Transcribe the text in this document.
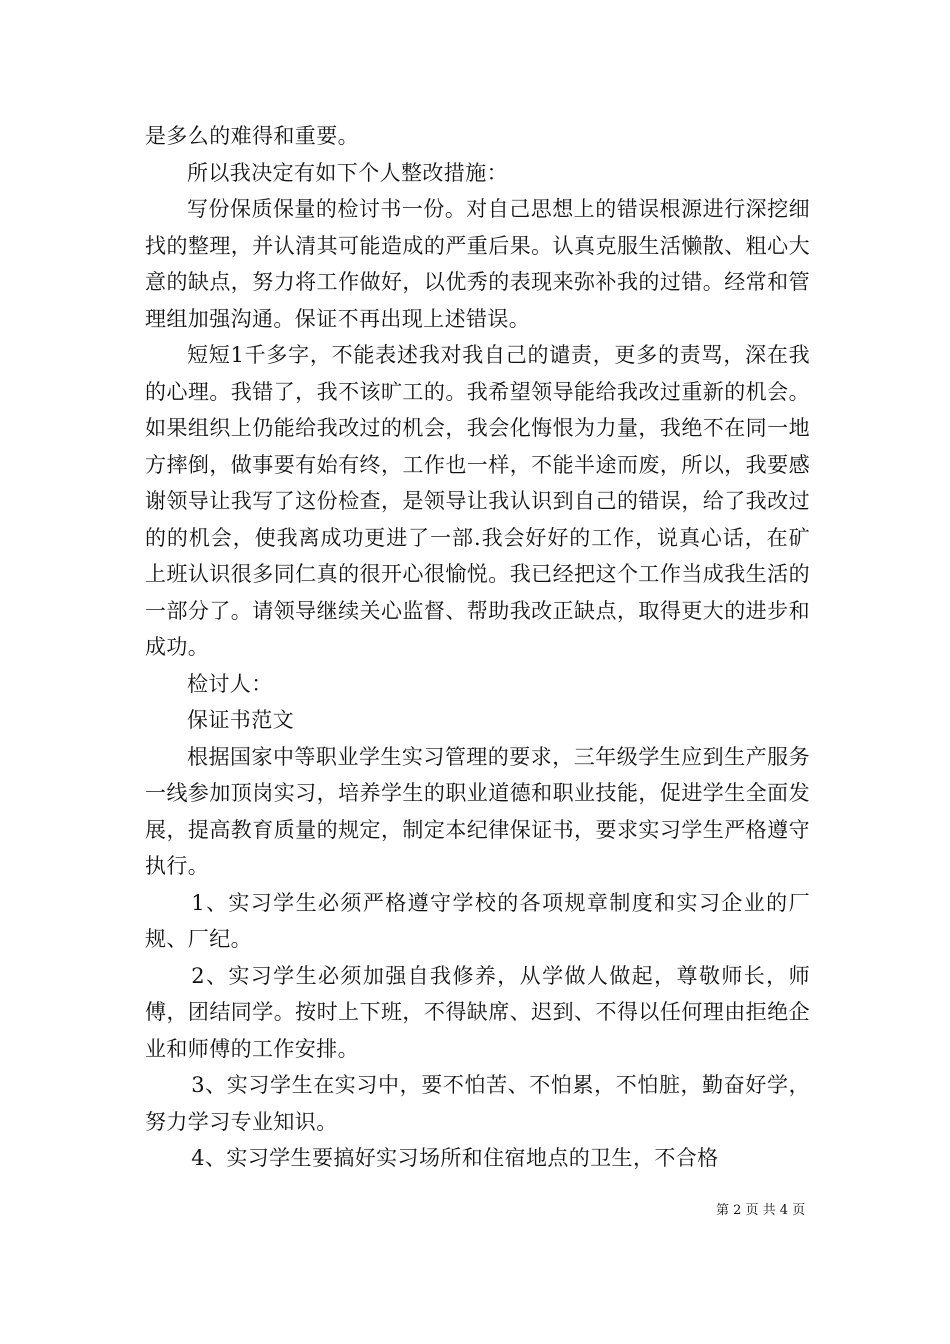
是多么的难得和重要。

所以我决定有如下个人整改措施：

写份保质保量的检讨书一份。对自己思想上的错误根源进行深挖细找的整理，并认清其可能造成的严重后果。认真克服生活懒散、粗心大意的缺点，努力将工作做好，以优秀的表现来弥补我的过错。经常和管理组加强沟通。保证不再出现上述错误。

短短1千多字，不能表述我对我自己的谴责，更多的责骂，深在我的心理。我错了，我不该旷工的。我希望领导能给我改过重新的机会。如果组织上仍能给我改过的机会，我会化悔恨为力量，我绝不在同一地方摔倒，做事要有始有终，工作也一样，不能半途而废，所以，我要感谢领导让我写了这份检查，是领导让我认识到自己的错误，给了我改过的的机会，使我离成功更进了一部.我会好好的工作，说真心话，在矿上班认识很多同仁真的很开心很愉悦。我已经把这个工作当成我生活的一部分了。请领导继续关心监督、帮助我改正缺点，取得更大的进步和成功。

检讨人：

保证书范文

根据国家中等职业学生实习管理的要求，三年级学生应到生产服务一线参加顶岗实习，培养学生的职业道德和职业技能，促进学生全面发展，提高教育质量的规定，制定本纪律保证书，要求实习学生严格遵守执行。

1、实习学生必须严格遵守学校的各项规章制度和实习企业的厂规、厂纪。

2、实习学生必须加强自我修养，从学做人做起，尊敬师长，师傅，团结同学。按时上下班，不得缺席、迟到、不得以任何理由拒绝企业和师傅的工作安排。

3、实习学生在实习中，要不怕苦、不怕累，不怕脏，勤奋好学，努力学习专业知识。

4、实习学生要搞好实习场所和住宿地点的卫生，不合格

第 2 页 共 4 页
